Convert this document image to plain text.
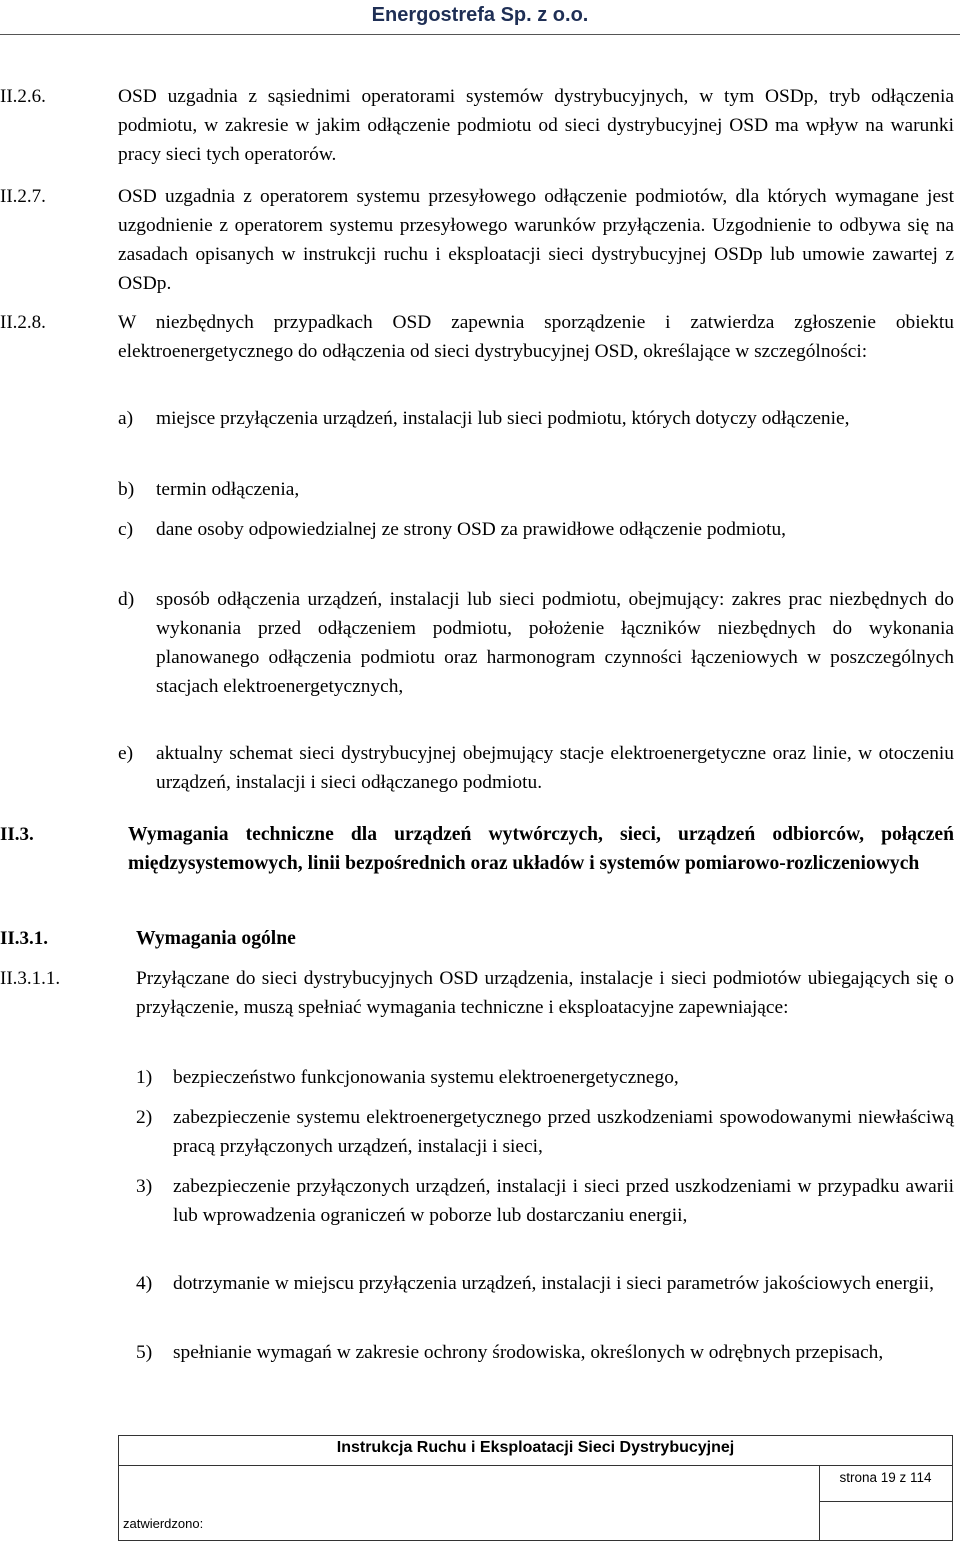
Energostrefa Sp. z o.o.
II.2.6.	OSD uzgadnia z sąsiednimi operatorami systemów dystrybucyjnych, w tym OSDp, tryb odłączenia podmiotu, w zakresie w jakim odłączenie podmiotu od sieci dystrybucyjnej OSD ma wpływ na warunki pracy sieci tych operatorów.
II.2.7.	OSD uzgadnia z operatorem systemu przesyłowego odłączenie podmiotów, dla których wymagane jest uzgodnienie z operatorem systemu przesyłowego warunków przyłączenia. Uzgodnienie to odbywa się na zasadach opisanych w instrukcji ruchu i eksploatacji sieci dystrybucyjnej OSDp lub umowie zawartej z OSDp.
II.2.8.	W niezbędnych przypadkach OSD zapewnia sporządzenie i zatwierdza zgłoszenie obiektu elektroenergetycznego do odłączenia od sieci dystrybucyjnej OSD, określające w szczególności:
a) miejsce przyłączenia urządzeń, instalacji lub sieci podmiotu, których dotyczy odłączenie,
b) termin odłączenia,
c) dane osoby odpowiedzialnej ze strony OSD za prawidłowe odłączenie podmiotu,
d) sposób odłączenia urządzeń, instalacji lub sieci podmiotu, obejmujący: zakres prac niezbędnych do wykonania przed odłączeniem podmiotu, położenie łączników niezbędnych do wykonania planowanego odłączenia podmiotu oraz harmonogram czynności łączeniowych w poszczególnych stacjach elektroenergetycznych,
e) aktualny schemat sieci dystrybucyjnej obejmujący stacje elektroenergetyczne oraz linie, w otoczeniu urządzeń, instalacji i sieci odłączanego podmiotu.
II.3.	Wymagania techniczne dla urządzeń wytwórczych, sieci, urządzeń odbiorców, połączeń międzysystemowych, linii bezpośrednich oraz układów i systemów pomiarowo-rozliczeniowych
II.3.1.	Wymagania ogólne
II.3.1.1.	Przyłączane do sieci dystrybucyjnych OSD urządzenia, instalacje i sieci podmiotów ubiegających się o przyłączenie, muszą spełniać wymagania techniczne i eksploatacyjne zapewniające:
1) bezpieczeństwo funkcjonowania systemu elektroenergetycznego,
2) zabezpieczenie systemu elektroenergetycznego przed uszkodzeniami spowodowanymi niewłaściwą pracą przyłączonych urządzeń, instalacji i sieci,
3) zabezpieczenie przyłączonych urządzeń, instalacji i sieci przed uszkodzeniami w przypadku awarii lub wprowadzenia ograniczeń w poborze lub dostarczaniu energii,
4) dotrzymanie w miejscu przyłączenia urządzeń, instalacji i sieci parametrów jakościowych energii,
5) spełnianie wymagań w zakresie ochrony środowiska, określonych w odrębnych przepisach,
Instrukcja Ruchu i Eksploatacji Sieci Dystrybucyjnej
strona 19 z 114
zatwierdzono:
